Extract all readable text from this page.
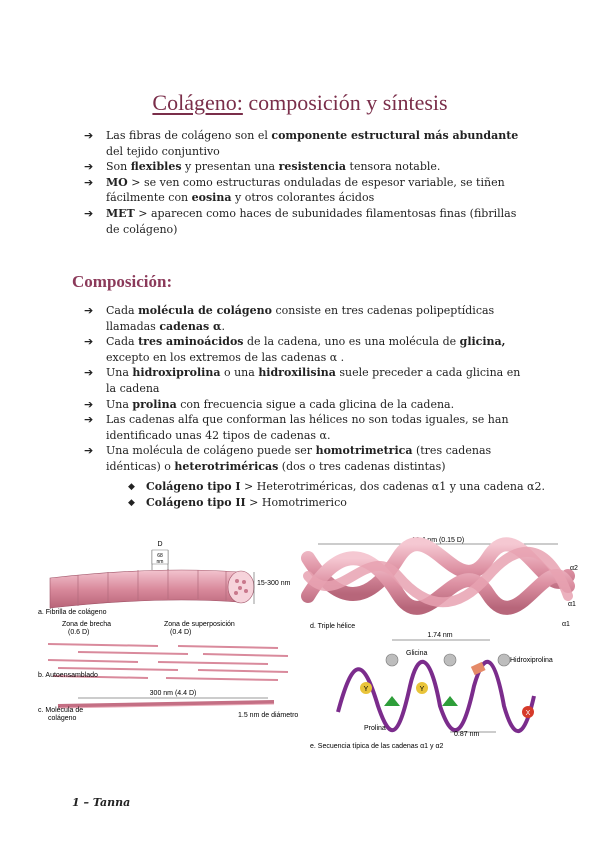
Colágeno: composición y síntesis
➔ Las fibras de colágeno son el componente estructural más abundante del tejido conjuntivo
➔ Son flexibles y presentan una resistencia tensora notable.
➔ MO > se ven como estructuras onduladas de espesor variable, se tiñen fácilmente con eosina y otros colorantes ácidos
➔ MET > aparecen como haces de subunidades filamentosas finas (fibrillas de colágeno)
Composición:
➔ Cada molécula de colágeno consiste en tres cadenas polipeptídicas llamadas cadenas α.
➔ Cada tres aminoácidos de la cadena, uno es una molécula de glicina, excepto en los extremos de las cadenas α .
➔ Una hidroxiprolina o una hidroxilisina suele preceder a cada glicina en la cadena
➔ Una prolina con frecuencia sigue a cada glicina de la cadena.
➔ Las cadenas alfa que conforman las hélices no son todas iguales, se han identificado unas 42 tipos de cadenas α.
➔ Una molécula de colágeno puede ser homotrimetrica (tres cadenas idénticas) o heterotriméricas (dos o tres cadenas distintas)
◆ Colágeno tipo I > Heterotriméricas, dos cadenas α1 y una cadena α2.
◆ Colágeno tipo II > Homotrimerico
D
68
nm
15-300 nm
a. Fibrilla de colágeno
Zona de brecha
(0.6 D)
Zona de superposición
(0.4 D)
b. Autoensamblado
300 nm (4.4 D)
1.5 nm de diámetro
c. Molécula de
colágeno
10.4 nm (0.15 D)
α2
α1
α1
d. Triple hélice
1.74 nm
Glicina
Hidroxiprolina
Y	Y
X
Prolina
0.87 nm
e. Secuencia típica de las cadenas α1 y α2
1 – Tanna
